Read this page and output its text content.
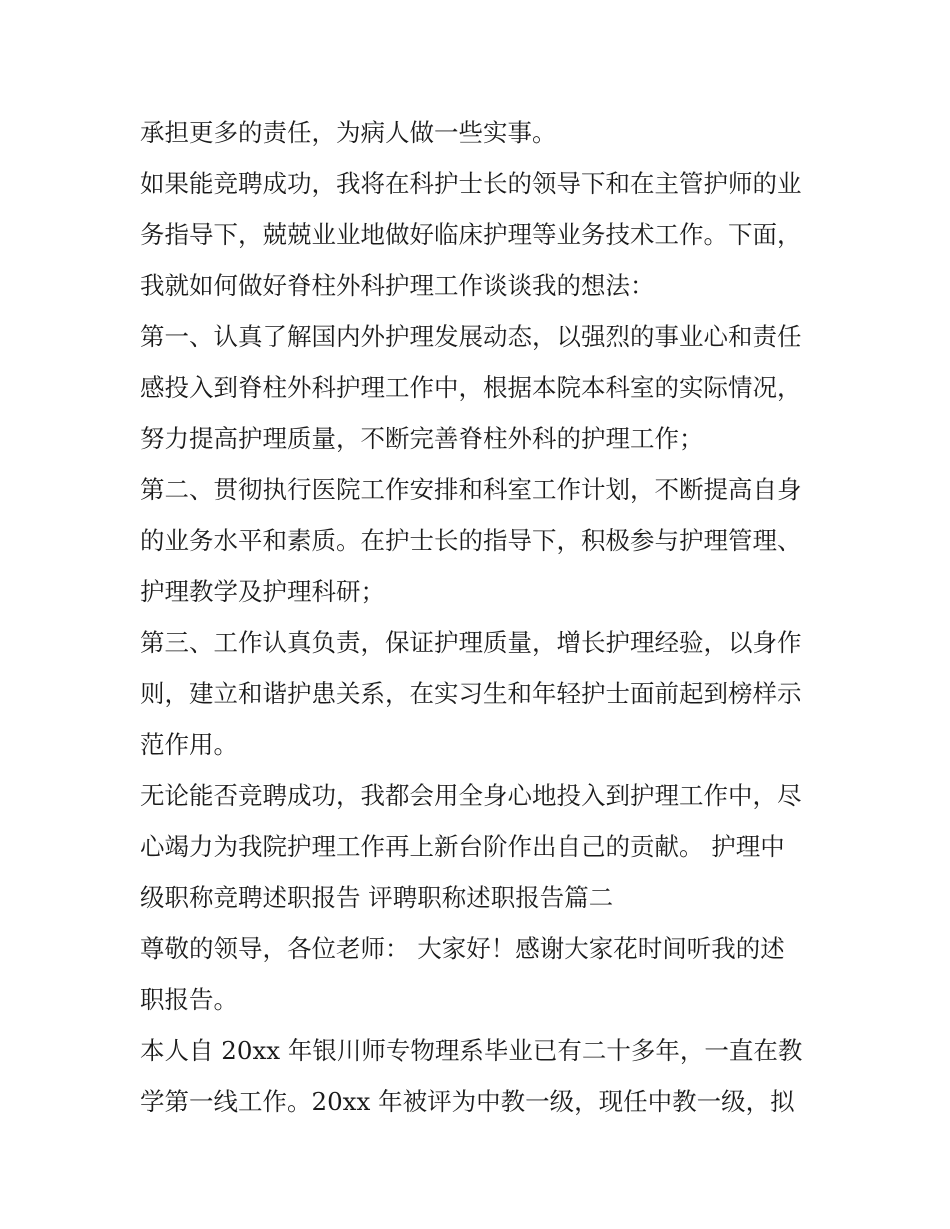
承担更多的责任，为病人做一些实事。
如果能竞聘成功，我将在科护士长的领导下和在主管护师的业
务指导下，兢兢业业地做好临床护理等业务技术工作。下面，
我就如何做好脊柱外科护理工作谈谈我的想法：
第一、认真了解国内外护理发展动态，以强烈的事业心和责任
感投入到脊柱外科护理工作中，根据本院本科室的实际情况，
努力提高护理质量，不断完善脊柱外科的护理工作；
第二、贯彻执行医院工作安排和科室工作计划，不断提高自身
的业务水平和素质。在护士长的指导下，积极参与护理管理、
护理教学及护理科研；
第三、工作认真负责，保证护理质量，增长护理经验，以身作
则，建立和谐护患关系，在实习生和年轻护士面前起到榜样示
范作用。
无论能否竞聘成功，我都会用全身心地投入到护理工作中，尽
心竭力为我院护理工作再上新台阶作出自己的贡献。 护理中
级职称竞聘述职报告 评聘职称述职报告篇二
尊敬的领导，各位老师： 大家好！感谢大家花时间听我的述
职报告。
本人自 20xx 年银川师专物理系毕业已有二十多年，一直在教
学第一线工作。20xx 年被评为中教一级，现任中教一级，拟
